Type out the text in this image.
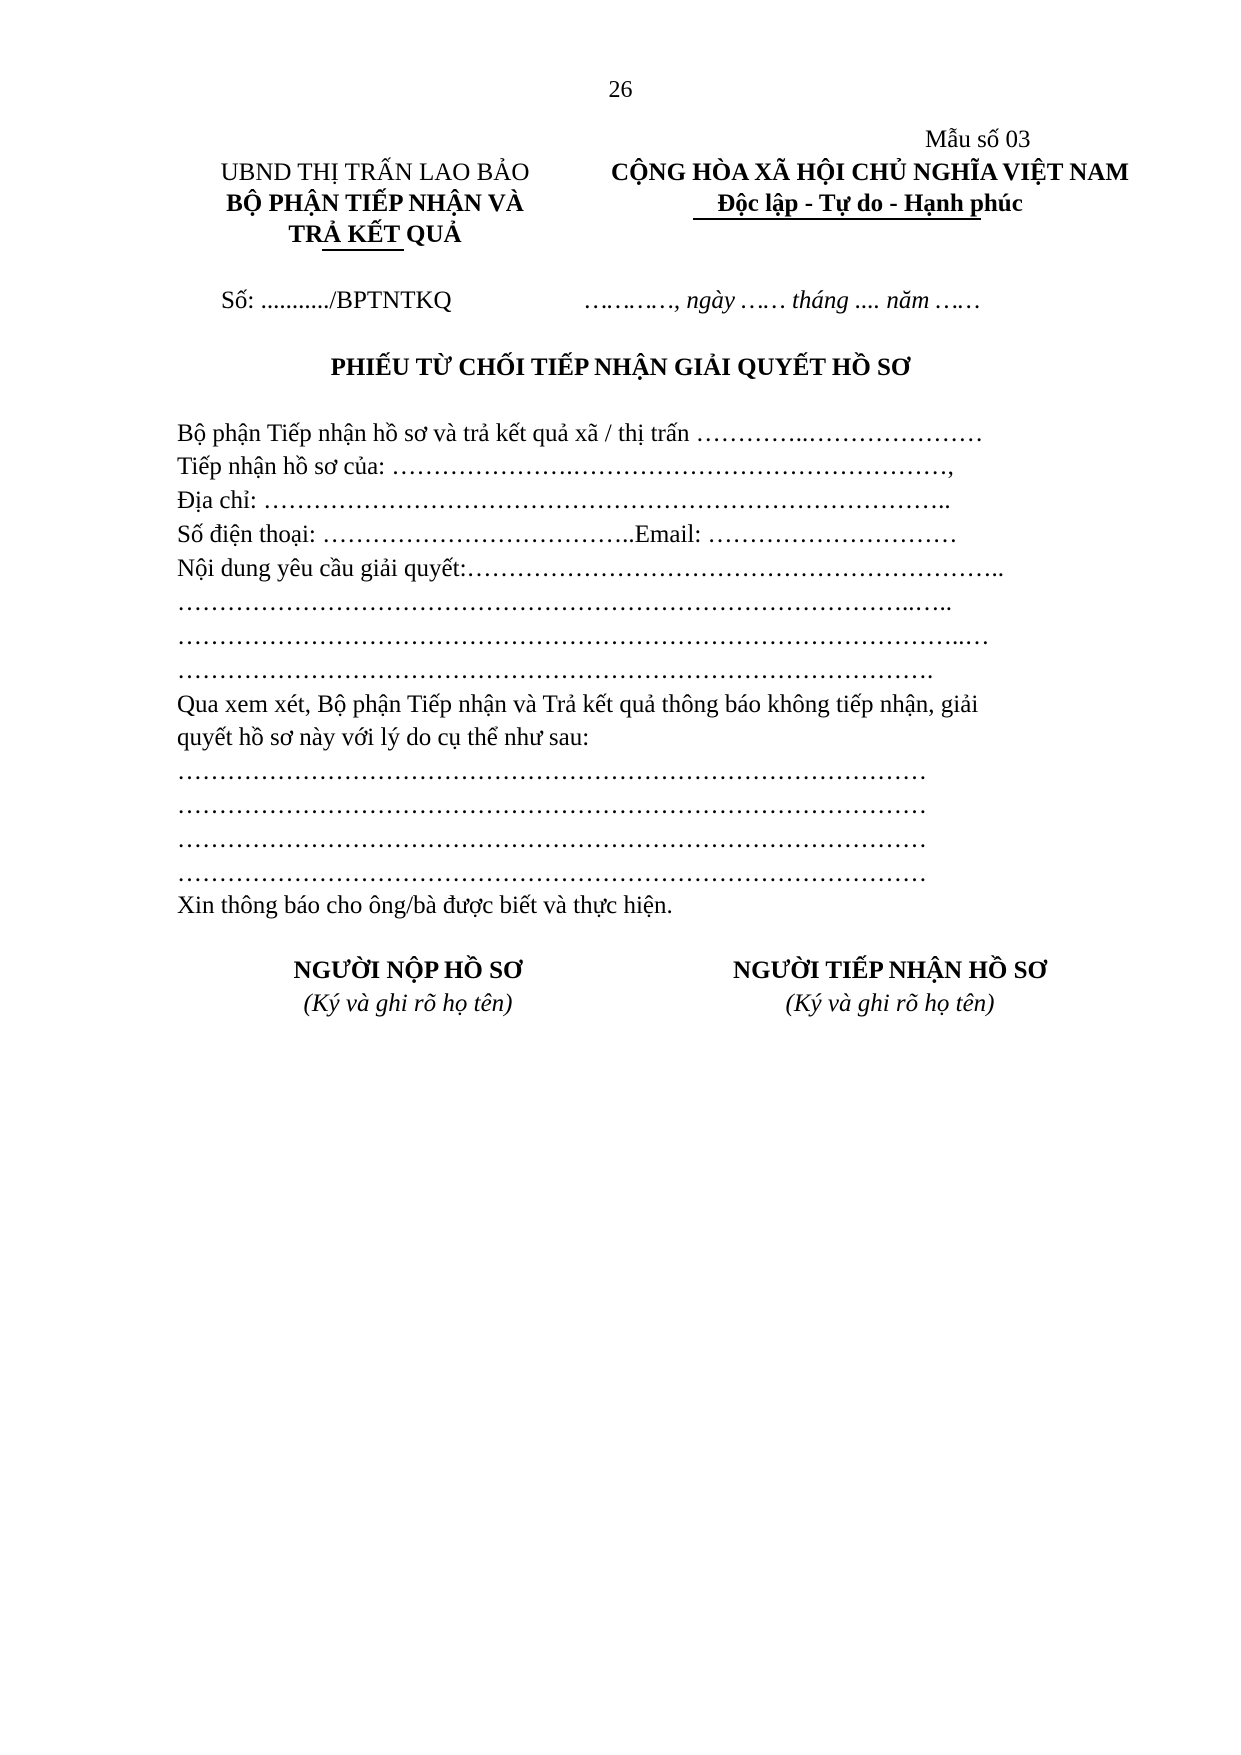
26
Mẫu số 03
UBND THỊ TRẤN LAO BẢO
BỘ PHẬN TIẾP NHẬN VÀ
TRẢ KẾT QUẢ
CỘNG HÒA XÃ HỘI CHỦ NGHĨA VIỆT NAM
Độc lập - Tự do - Hạnh phúc
Số: .........../BPTNTKQ	…………, ngày …… tháng .... năm ……
PHIẾU TỪ CHỐI TIẾP NHẬN GIẢI QUYẾT HỒ SƠ
Bộ phận Tiếp nhận hồ sơ và trả kết quả xã / thị trấn …………..…………………
Tiếp nhận hồ sơ của: ………………….………………………………………,
Địa chỉ: ………………………………………………………………………..
Số điện thoại: ………………………………..Email: …………………………
Nội dung yêu cầu giải quyết:………………………………………………………..
……………………………………………………………………………..…..
…………………………………………………………………………………..…
……………………………………………………………………………….
Qua xem xét, Bộ phận Tiếp nhận và Trả kết quả thông báo không tiếp nhận, giải
quyết hồ sơ này với lý do cụ thể như sau:
………………………………………………………………………………
………………………………………………………………………………
………………………………………………………………………………
………………………………………………………………………………
Xin thông báo cho ông/bà được biết và thực hiện.
NGƯỜI NỘP HỒ SƠ
(Ký và ghi rõ họ tên)
NGƯỜI TIẾP NHẬN HỒ SƠ
(Ký và ghi rõ họ tên)
